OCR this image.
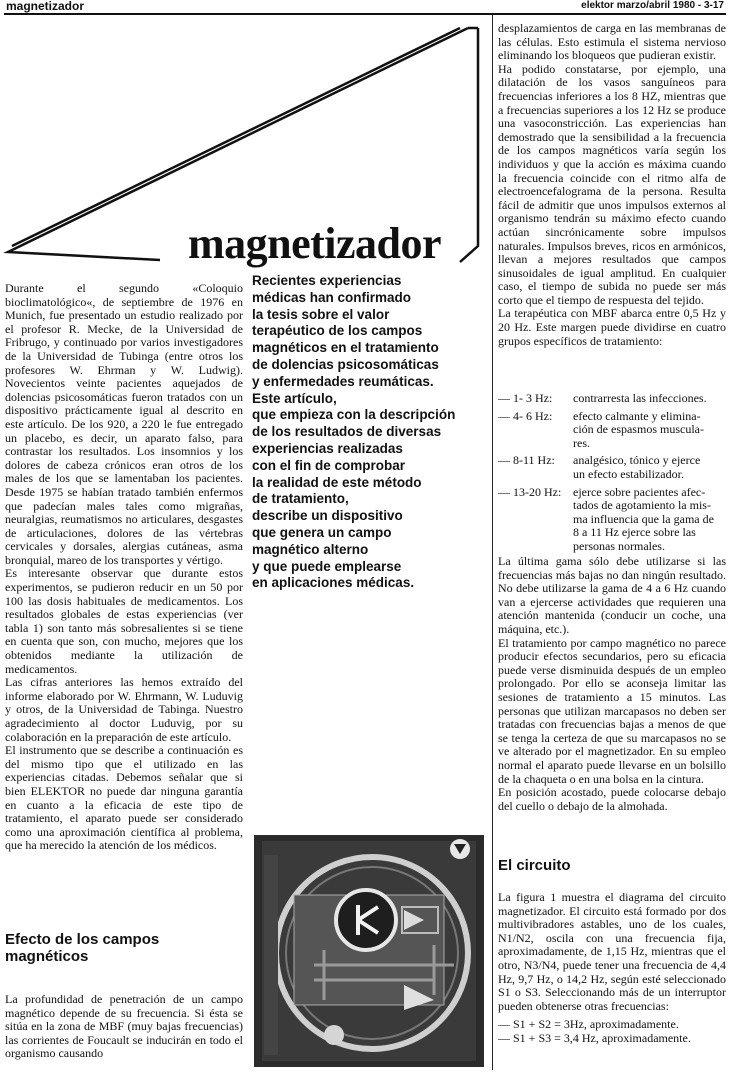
magnetizador	elektor marzo/abril 1980 - 3-17
magnetizador

Durante el segundo «Coloquio bioclimatológico«, de septiembre de 1976 en Munich, fue presentado un estudio realizado por el profesor R. Mecke, de la Universidad de Fribrugo, y continuado por varios investigadores de la Universidad de Tubinga (entre otros los profesores W. Ehrman y W. Ludwig). Novecientos veinte pacientes aquejados de dolencias psicosomáticas fueron tratados con un dispositivo prácticamente igual al descrito en este artículo. De los 920, a 220 le fue entregado un placebo, es decir, un aparato falso, para contrastar los resultados. Los insomnios y los dolores de cabeza crónicos eran otros de los males de los que se lamentaban los pacientes. Desde 1975 se habían tratado también enfermos que padecían males tales como migrañas, neuralgias, reumatismos no articulares, desgastes de articulaciones, dolores de las vértebras cervicales y dorsales, alergias cutáneas, asma bronquial, mareo de los transportes y vértigo.

Es interesante observar que durante estos experimentos, se pudieron reducir en un 50 por 100 las dosis habituales de medicamentos. Los resultados globales de estas experiencias (ver tabla 1) son tanto más sobresalientes si se tiene en cuenta que son, con mucho, mejores que los obtenidos mediante la utilización de medicamentos.

Las cifras anteriores las hemos extraído del informe elaborado por W. Ehrmann, W. Luduvig y otros, de la Universidad de Tabinga. Nuestro agradecimiento al doctor Luduvig, por su colaboración en la preparación de este artículo.

El instrumento que se describe a continuación es del mismo tipo que el utilizado en las experiencias citadas. Debemos señalar que si bien ELEKTOR no puede dar ninguna garantía en cuanto a la eficacia de este tipo de tratamiento, el aparato puede ser considerado como una aproximación científica al problema, que ha merecido la atención de los médicos.

Recientes experiencias
médicas han confirmado
la tesis sobre el valor
terapéutico de los campos
magnéticos en el tratamiento
de dolencias psicosomáticas
y enfermedades reumáticas.
Este artículo,
que empieza con la descripción
de los resultados de diversas
experiencias realizadas
con el fin de comprobar
la realidad de este método
de tratamiento,
describe un dispositivo
que genera un campo
magnético alterno
y que puede emplearse
en aplicaciones médicas.
Efecto de los campos magnéticos

La profundidad de penetración de un campo magnético depende de su frecuencia. Si ésta se sitúa en la zona de MBF (muy bajas frecuencias) las corrientes de Foucault se inducirán en todo el organismo causando

desplazamientos de carga en las membranas de las células. Esto estimula el sistema nervioso eliminando los bloqueos que pudieran existir.

Ha podido constatarse, por ejemplo, una dilatación de los vasos sanguíneos para frecuencias inferiores a los 8 HZ, mientras que a frecuencias superiores a los 12 Hz se produce una vasoconstricción. Las experiencias han demostrado que la sensibilidad a la frecuencia de los campos magnéticos varía según los individuos y que la acción es máxima cuando la frecuencia coincide con el ritmo alfa de electroencefalograma de la persona. Resulta fácil de admitir que unos impulsos externos al organismo tendrán su máximo efecto cuando actúan sincrónicamente sobre impulsos naturales. Impulsos breves, ricos en armónicos, llevan a mejores resultados que campos sinusoidales de igual amplitud. En cualquier caso, el tiempo de subida no puede ser más corto que el tiempo de respuesta del tejido.

La terapéutica con MBF abarca entre 0,5 Hz y 20 Hz. Este margen puede dividirse en cuatro grupos específicos de tratamiento:

— 1- 3 Hz:	contrarresta las infecciones.
— 4- 6 Hz:	efecto calmante y elimina-
ción de espasmos muscula-
res.
— 8-11 Hz:	analgésico, tónico y ejerce
un efecto estabilizador.
— 13-20 Hz: ejerce sobre pacientes afec-
tados de agotamiento la mis-
ma influencia que la gama de
8 a 11 Hz ejerce sobre las
personas normales.

La última gama sólo debe utilizarse si las frecuencias más bajas no dan ningún resultado. No debe utilizarse la gama de 4 a 6 Hz cuando van a ejercerse actividades que requieren una atención mantenida (conducir un coche, una máquina, etc.).

El tratamiento por campo magnético no parece producir efectos secundarios, pero su eficacia puede verse disminuida después de un empleo prolongado. Por ello se aconseja limitar las sesiones de tratamiento a 15 minutos. Las personas que utilizan marcapasos no deben ser tratadas con frecuencias bajas a menos de que se tenga la certeza de que su marcapasos no se ve alterado por el magnetizador. En su empleo normal el aparato puede llevarse en un bolsillo de la chaqueta o en una bolsa en la cintura.

En posición acostado, puede colocarse debajo del cuello o debajo de la almohada.

El circuito

La figura 1 muestra el diagrama del circuito magnetizador. El circuito está formado por dos multivibradores astables, uno de los cuales, N1/N2, oscila con una frecuencia fija, aproximadamente, de 1,15 Hz, mientras que el otro, N3/N4, puede tener una frecuencia de 4,4 Hz, 9,7 Hz, o 14,2 Hz, según esté seleccionado S1 o S3. Seleccionando más de un interruptor pueden obtenerse otras frecuencias:

— S1 + S2 = 3Hz, aproximadamente.

— S1 + S3 = 3,4 Hz, aproximadamente.
